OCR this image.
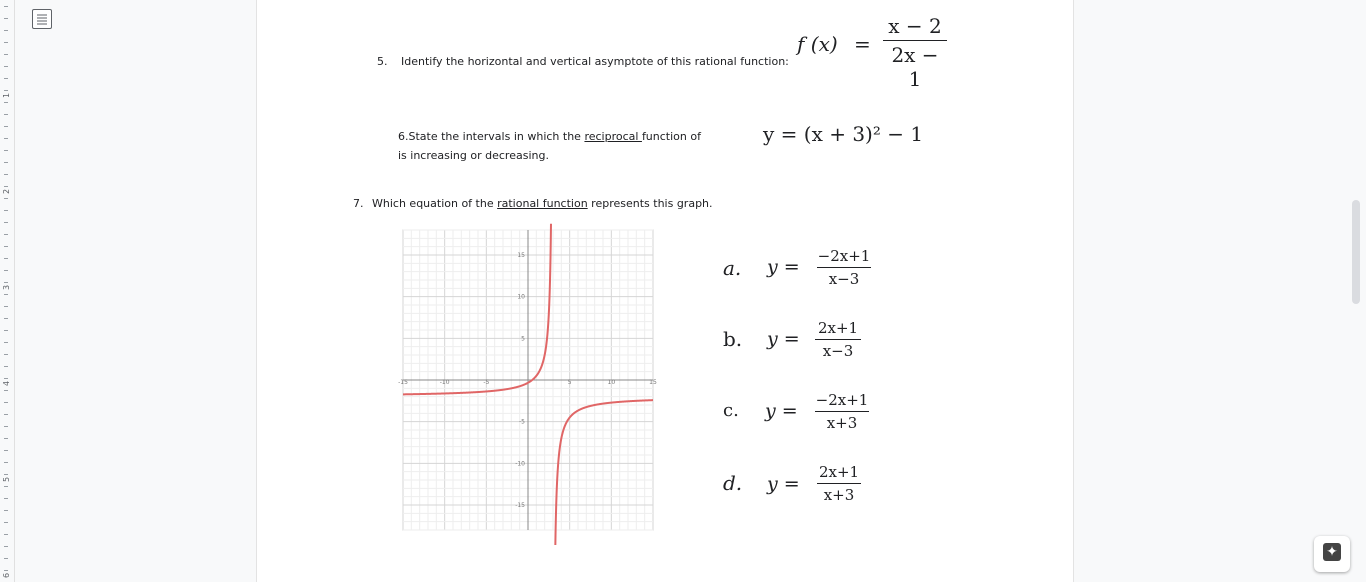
1
2
3
4
5
6
5. Identify the horizontal and vertical asymptote of this rational function:
f (x) =
x − 2
2x − 1
6.State the intervals in which the reciprocal function of
is increasing or decreasing.
y = (x + 3)² − 1
7. Which equation of the rational function represents this graph.
-15	-10	-5	5	10	15
15
10
5
-5
-10
-15
a. y = −2x+1
x−3
b. y = 2x+1
x−3
c. y = −2x+1
x+3
d. y =
2x+1
x+3
✦
